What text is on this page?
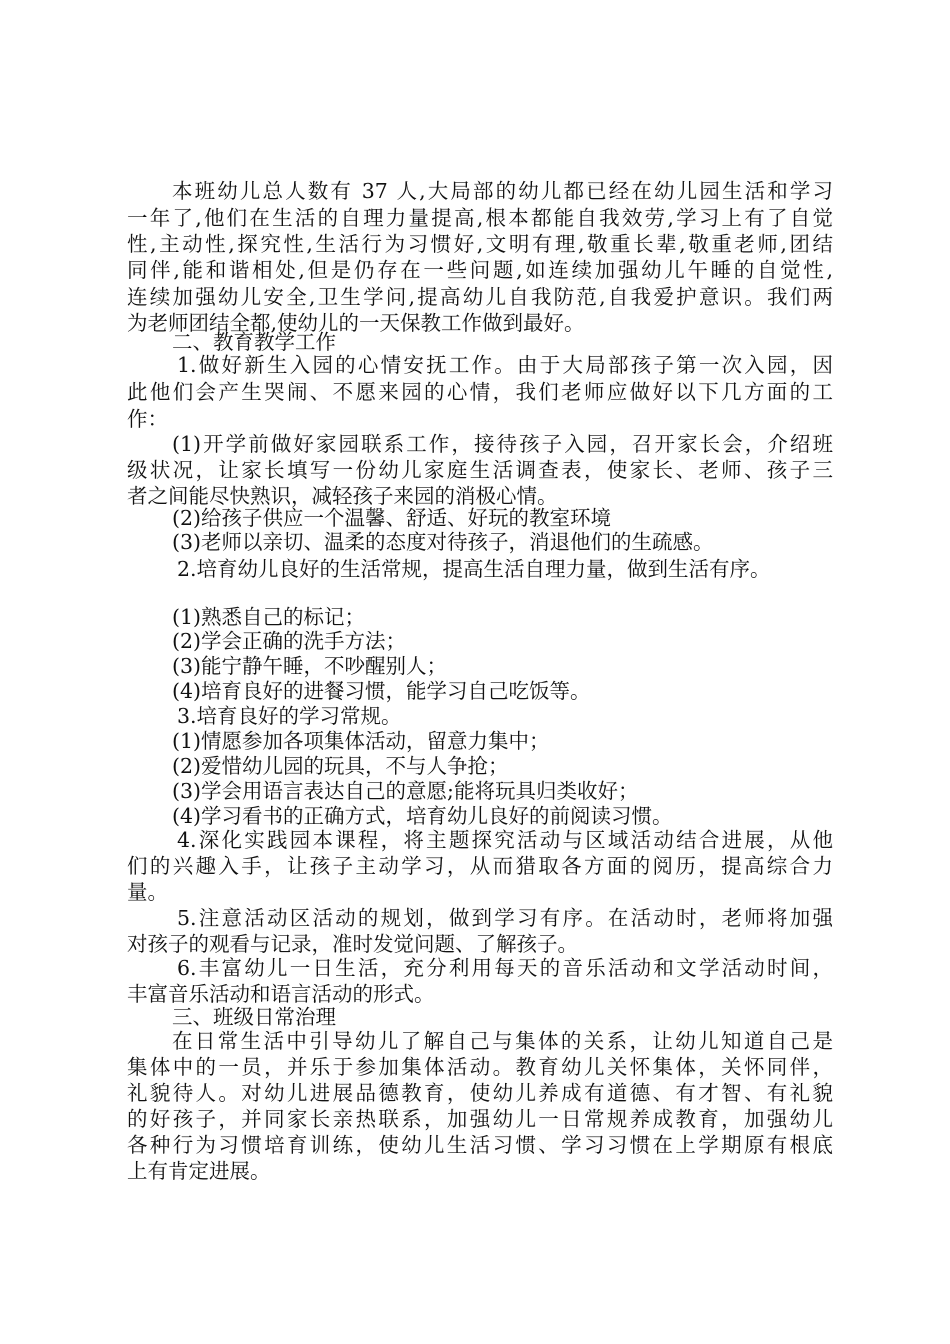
本班幼儿总人数有 37 人,大局部的幼儿都已经在幼儿园生活和学习
一年了,他们在生活的自理力量提高,根本都能自我效劳,学习上有了自觉
性,主动性,探究性,生活行为习惯好,文明有理,敬重长辈,敬重老师,团结
同伴,能和谐相处,但是仍存在一些问题,如连续加强幼儿午睡的自觉性,
连续加强幼儿安全,卫生学问,提高幼儿自我防范,自我爱护意识。我们两
为老师团结全都,使幼儿的一天保教工作做到最好。
二、教育教学工作
1.做好新生入园的心情安抚工作。由于大局部孩子第一次入园，因
此他们会产生哭闹、不愿来园的心情，我们老师应做好以下几方面的工
作：
(1)开学前做好家园联系工作，接待孩子入园，召开家长会，介绍班
级状况，让家长填写一份幼儿家庭生活调查表，使家长、老师、孩子三
者之间能尽快熟识，减轻孩子来园的消极心情。
(2)给孩子供应一个温馨、舒适、好玩的教室环境
(3)老师以亲切、温柔的态度对待孩子，消退他们的生疏感。
2.培育幼儿良好的生活常规，提高生活自理力量，做到生活有序。
(1)熟悉自己的标记；
(2)学会正确的洗手方法；
(3)能宁静午睡，不吵醒别人；
(4)培育良好的进餐习惯，能学习自己吃饭等。
3.培育良好的学习常规。
(1)情愿参加各项集体活动，留意力集中；
(2)爱惜幼儿园的玩具，不与人争抢；
(3)学会用语言表达自己的意愿;能将玩具归类收好；
(4)学习看书的正确方式，培育幼儿良好的前阅读习惯。
4.深化实践园本课程，将主题探究活动与区域活动结合进展，从他
们的兴趣入手，让孩子主动学习，从而猎取各方面的阅历，提高综合力
量。
5.注意活动区活动的规划，做到学习有序。在活动时，老师将加强
对孩子的观看与记录，准时发觉问题、了解孩子。
6.丰富幼儿一日生活，充分利用每天的音乐活动和文学活动时间，
丰富音乐活动和语言活动的形式。
三、班级日常治理
在日常生活中引导幼儿了解自己与集体的关系，让幼儿知道自己是
集体中的一员，并乐于参加集体活动。教育幼儿关怀集体，关怀同伴，
礼貌待人。对幼儿进展品德教育，使幼儿养成有道德、有才智、有礼貌
的好孩子，并同家长亲热联系，加强幼儿一日常规养成教育，加强幼儿
各种行为习惯培育训练，使幼儿生活习惯、学习习惯在上学期原有根底
上有肯定进展。
